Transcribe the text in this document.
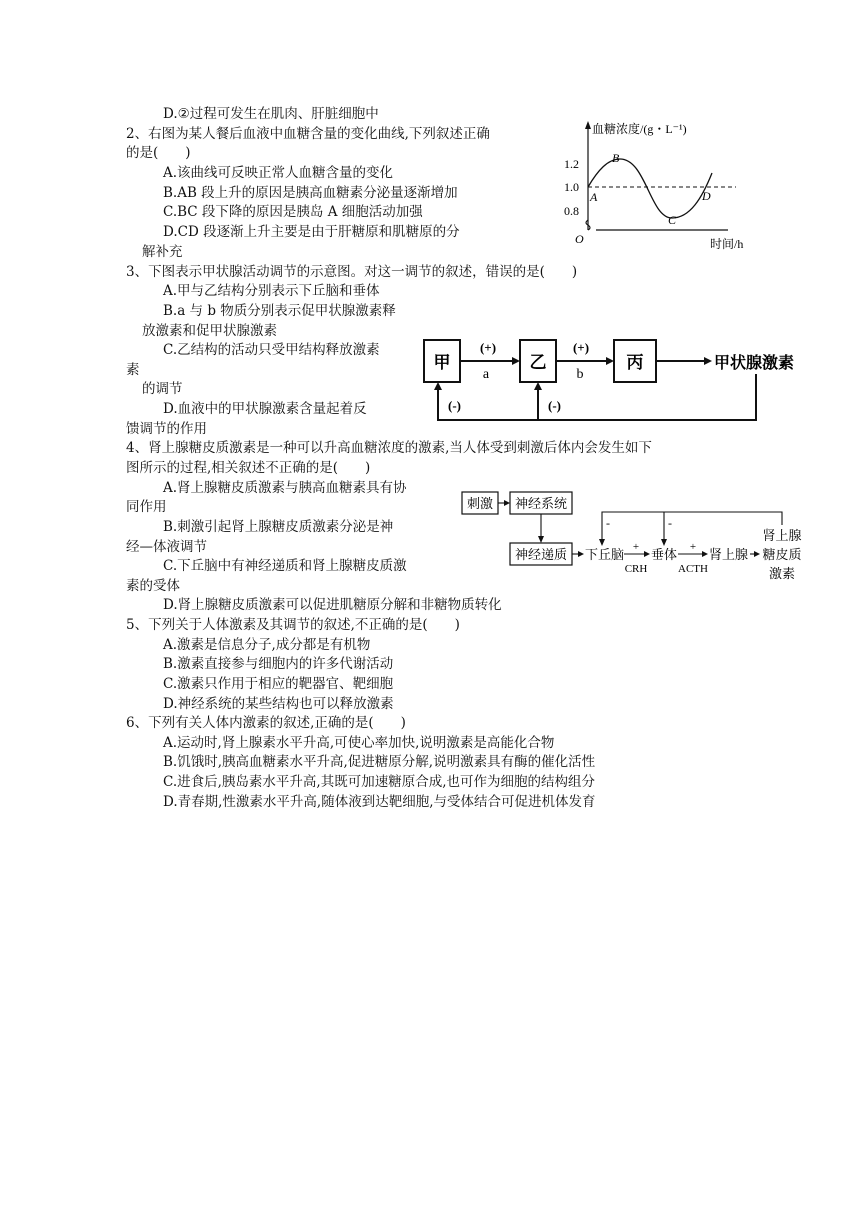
D.②过程可发生在肌肉、肝脏细胞中
2、右图为某人餐后血液中血糖含量的变化曲线,下列叙述正确
的是(　　)
A.该曲线可反映正常人血糖含量的变化
B.AB 段上升的原因是胰高血糖素分泌量逐渐增加
C.BC 段下降的原因是胰岛 A 细胞活动加强
D.CD 段逐渐上升主要是由于肝糖原和肌糖原的分
解补充
血糖浓度/(g・L⁻¹)
1.2
1.0
0.8
A
B
C
D
O	时间/h
3、下图表示甲状腺活动调节的示意图。对这一调节的叙述，错误的是(　　)
A.甲与乙结构分别表示下丘脑和垂体
B.a 与 b 物质分别表示促甲状腺激素释
放激素和促甲状腺激素
C.乙结构的活动只受甲结构释放激素
素
的调节
D.血液中的甲状腺激素含量起着反
馈调节的作用
甲	乙	丙
(+)
a
(+)
b
甲状腺激素
(-)	(-)
4、肾上腺糖皮质激素是一种可以升高血糖浓度的激素,当人体受到刺激后体内会发生如下
图所示的过程,相关叙述不正确的是(　　)
A.肾上腺糖皮质激素与胰高血糖素具有协
同作用
B.刺激引起肾上腺糖皮质激素分泌是神
经—体液调节
C.下丘脑中有神经递质和肾上腺糖皮质激
素的受体
D.肾上腺糖皮质激素可以促进肌糖原分解和非糖物质转化
刺激 神经系统
神经递质 下丘脑 +
CRH
垂体 +
ACTH
肾上腺
肾上腺
糖皮质
激素
-	-
5、下列关于人体激素及其调节的叙述,不正确的是(　　)
A.激素是信息分子,成分都是有机物
B.激素直接参与细胞内的许多代谢活动
C.激素只作用于相应的靶器官、靶细胞
D.神经系统的某些结构也可以释放激素
6、下列有关人体内激素的叙述,正确的是(　　)
A.运动时,肾上腺素水平升高,可使心率加快,说明激素是高能化合物
B.饥饿时,胰高血糖素水平升高,促进糖原分解,说明激素具有酶的催化活性
C.进食后,胰岛素水平升高,其既可加速糖原合成,也可作为细胞的结构组分
D.青春期,性激素水平升高,随体液到达靶细胞,与受体结合可促进机体发育
